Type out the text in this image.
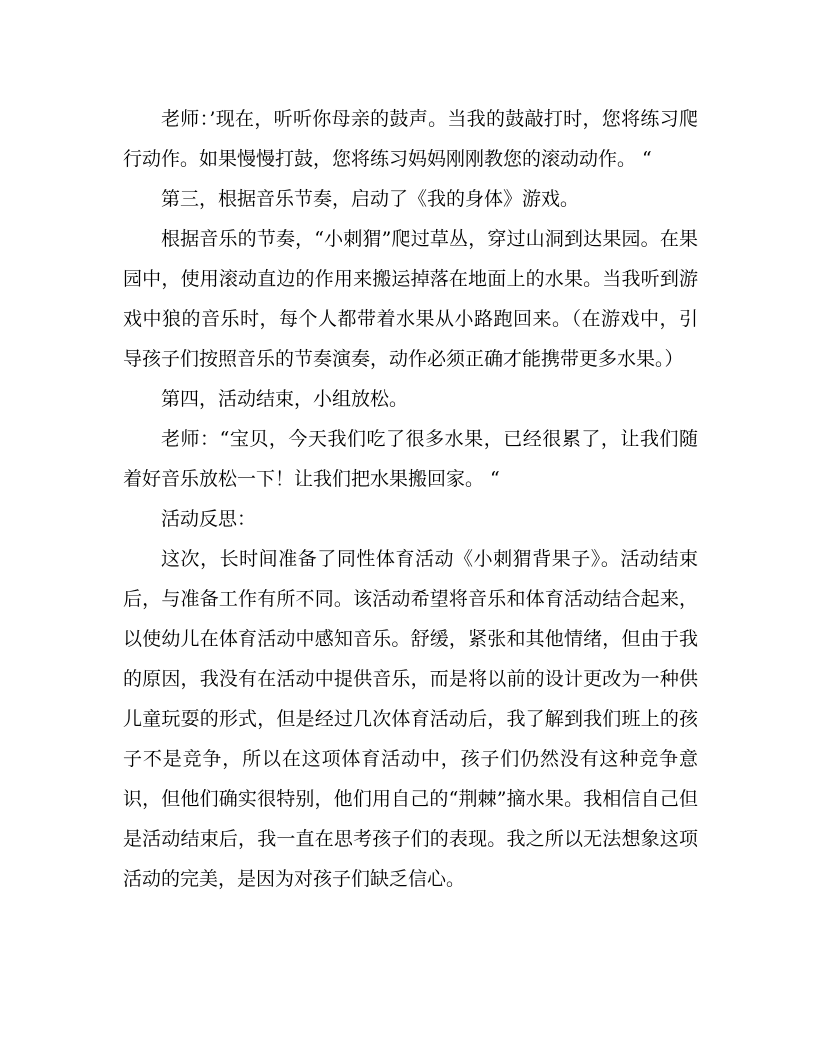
老师：’现在，听听你母亲的鼓声。当我的鼓敲打时，您将练习爬行动作。如果慢慢打鼓，您将练习妈妈刚刚教您的滚动动作。 “

第三，根据音乐节奏，启动了《我的身体》游戏。

根据音乐的节奏，“小刺猬”爬过草丛，穿过山洞到达果园。在果园中，使用滚动直边的作用来搬运掉落在地面上的水果。当我听到游戏中狼的音乐时，每个人都带着水果从小路跑回来。（在游戏中，引导孩子们按照音乐的节奏演奏，动作必须正确才能携带更多水果。）

第四，活动结束，小组放松。

老师：“宝贝，今天我们吃了很多水果，已经很累了，让我们随着好音乐放松一下！让我们把水果搬回家。 “

活动反思：

这次，长时间准备了同性体育活动《小刺猬背果子》。活动结束后，与准备工作有所不同。该活动希望将音乐和体育活动结合起来，以使幼儿在体育活动中感知音乐。舒缓，紧张和其他情绪，但由于我的原因，我没有在活动中提供音乐，而是将以前的设计更改为一种供儿童玩耍的形式，但是经过几次体育活动后，我了解到我们班上的孩子不是竞争，所以在这项体育活动中，孩子们仍然没有这种竞争意识，但他们确实很特别，他们用自己的“荆棘”摘水果。我相信自己但是活动结束后，我一直在思考孩子们的表现。我之所以无法想象这项活动的完美，是因为对孩子们缺乏信心。
